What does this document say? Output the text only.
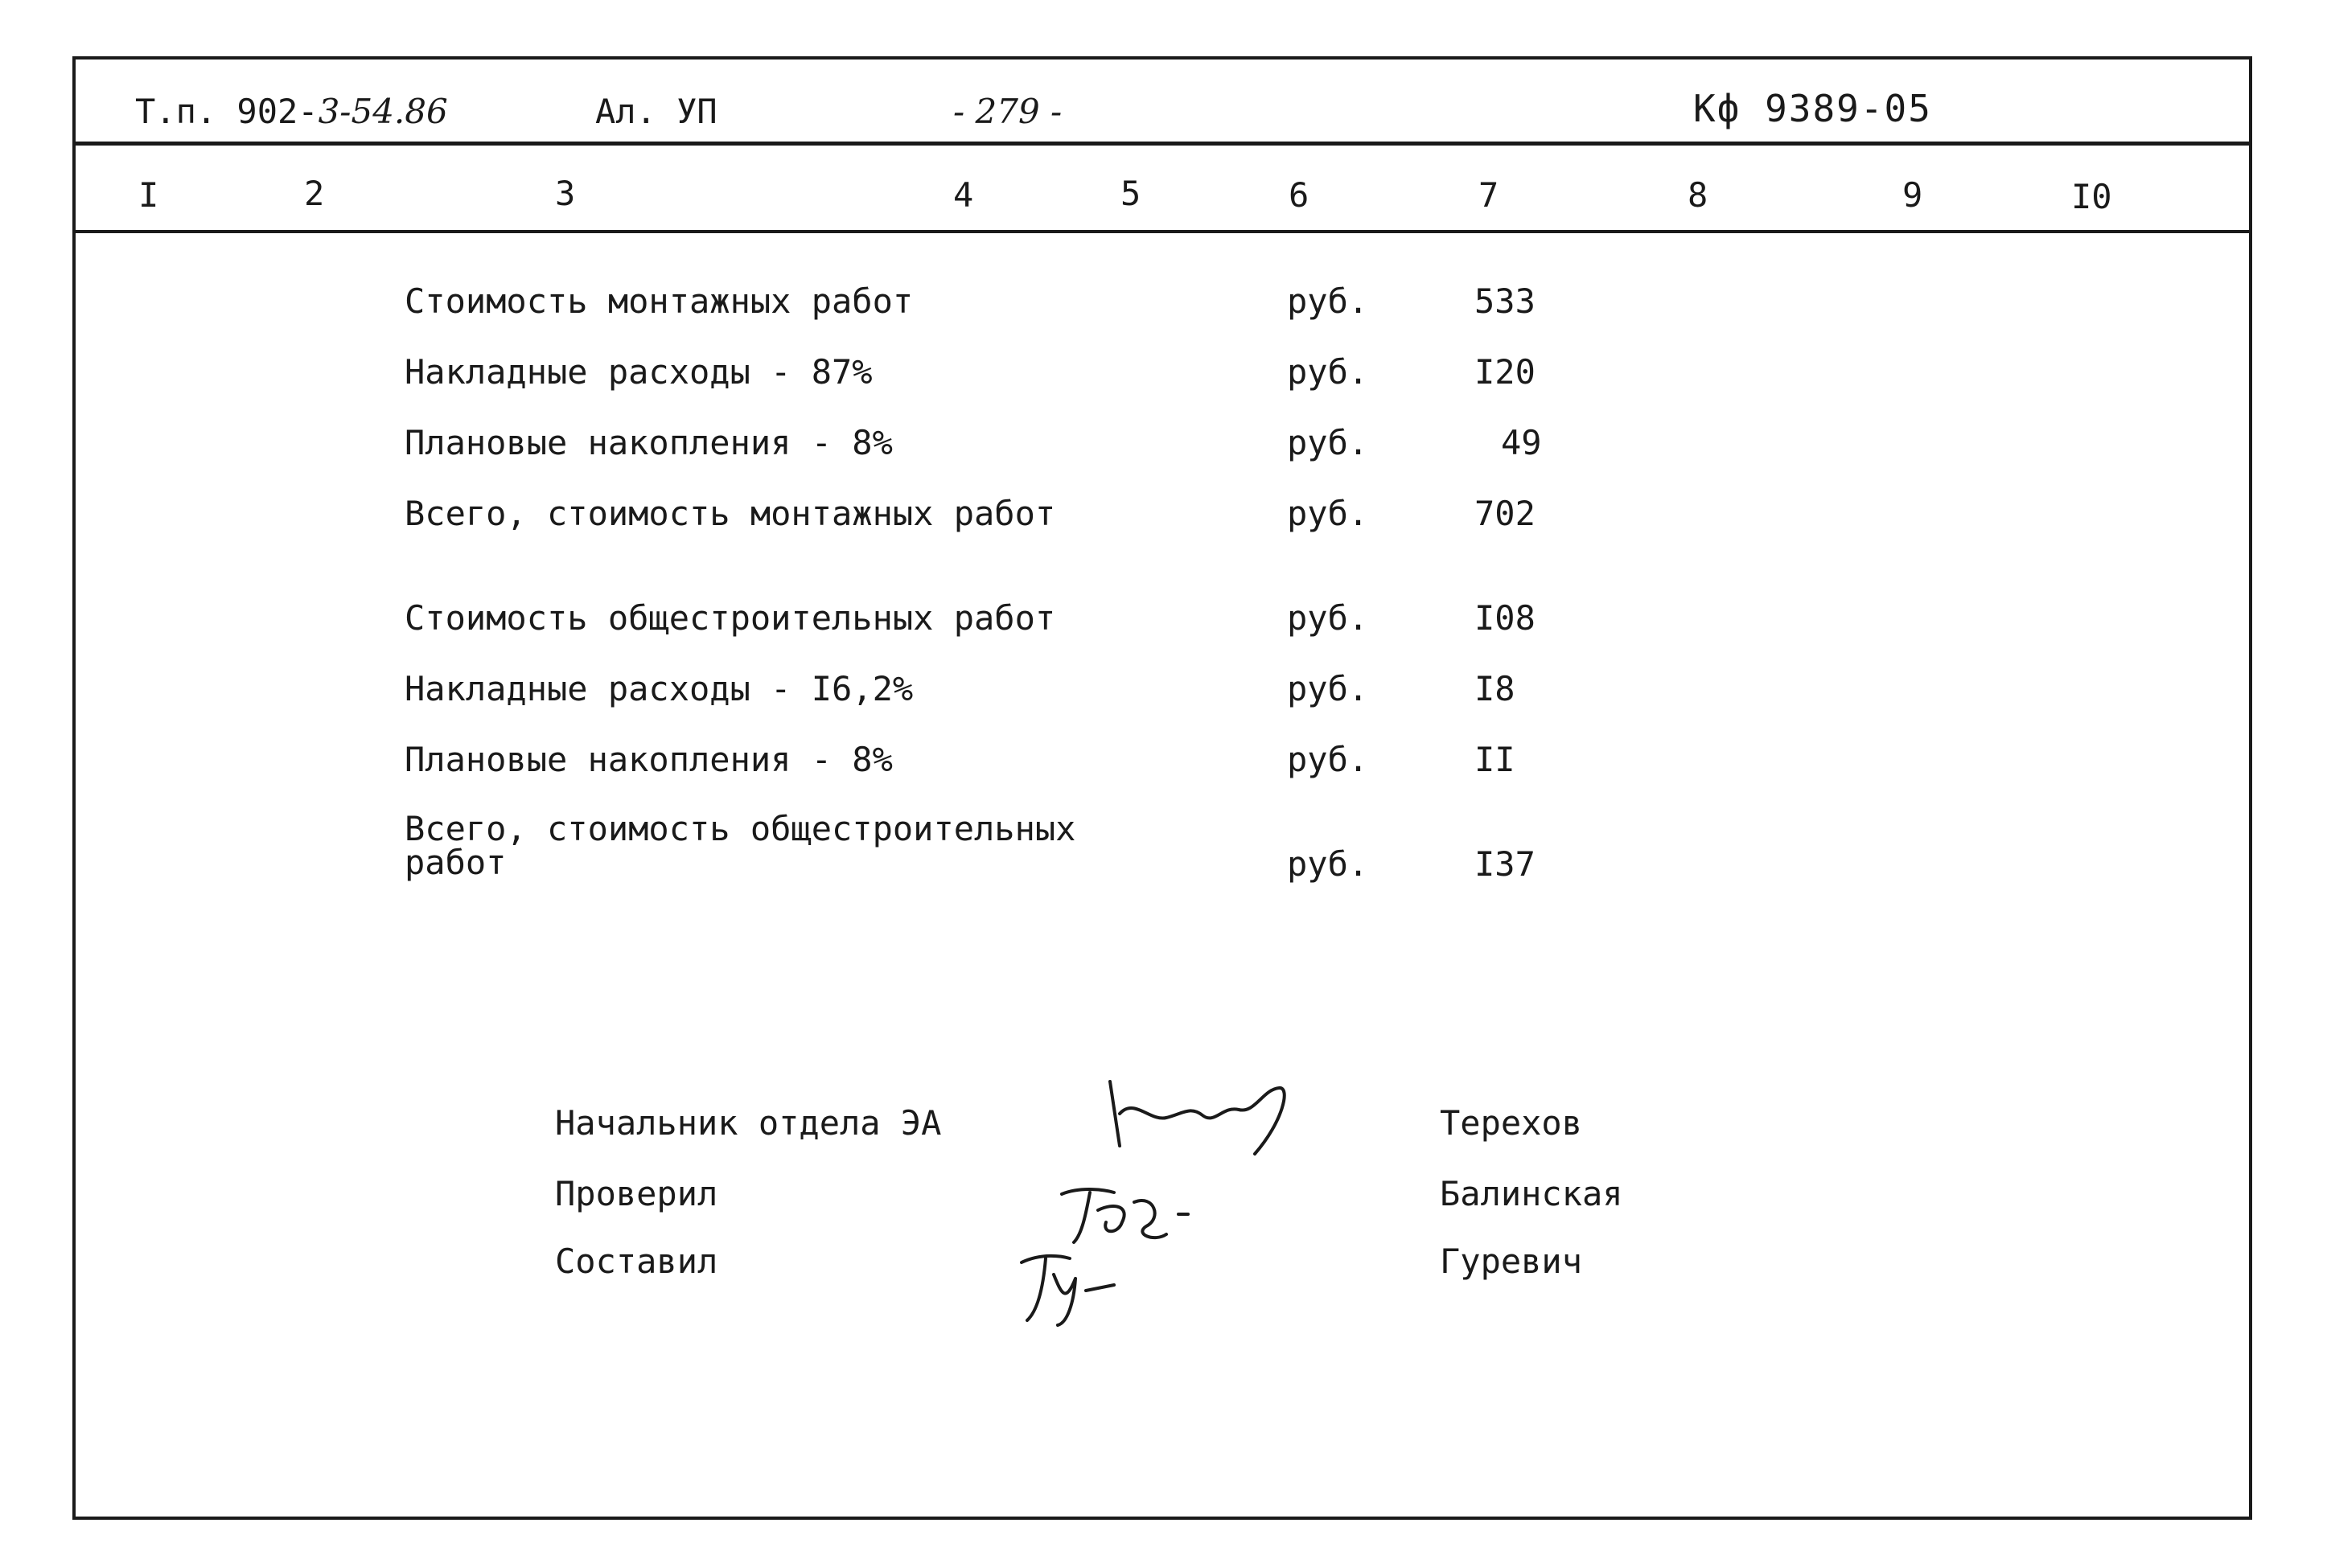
Т.п. 902-3-54.86	Ал. УП	- 279 -	Кф 9389-05
I	2	3	4	5	6	7	8	9	I0
Стоимость монтажных работ	руб.	533
Накладные расходы - 87%	руб.	I20
Плановые накопления - 8%	руб.	49
Всего, стоимость монтажных работ	руб.	702
Стоимость общестроительных работ	руб.	I08
Накладные расходы - I6,2%	руб.	I8
Плановые накопления - 8%	руб.	II
Всего, стоимость общестроительных
работ	руб.	I37
Начальник отдела ЭА	Терехов
Проверил	Балинская
Составил	Гуревич
